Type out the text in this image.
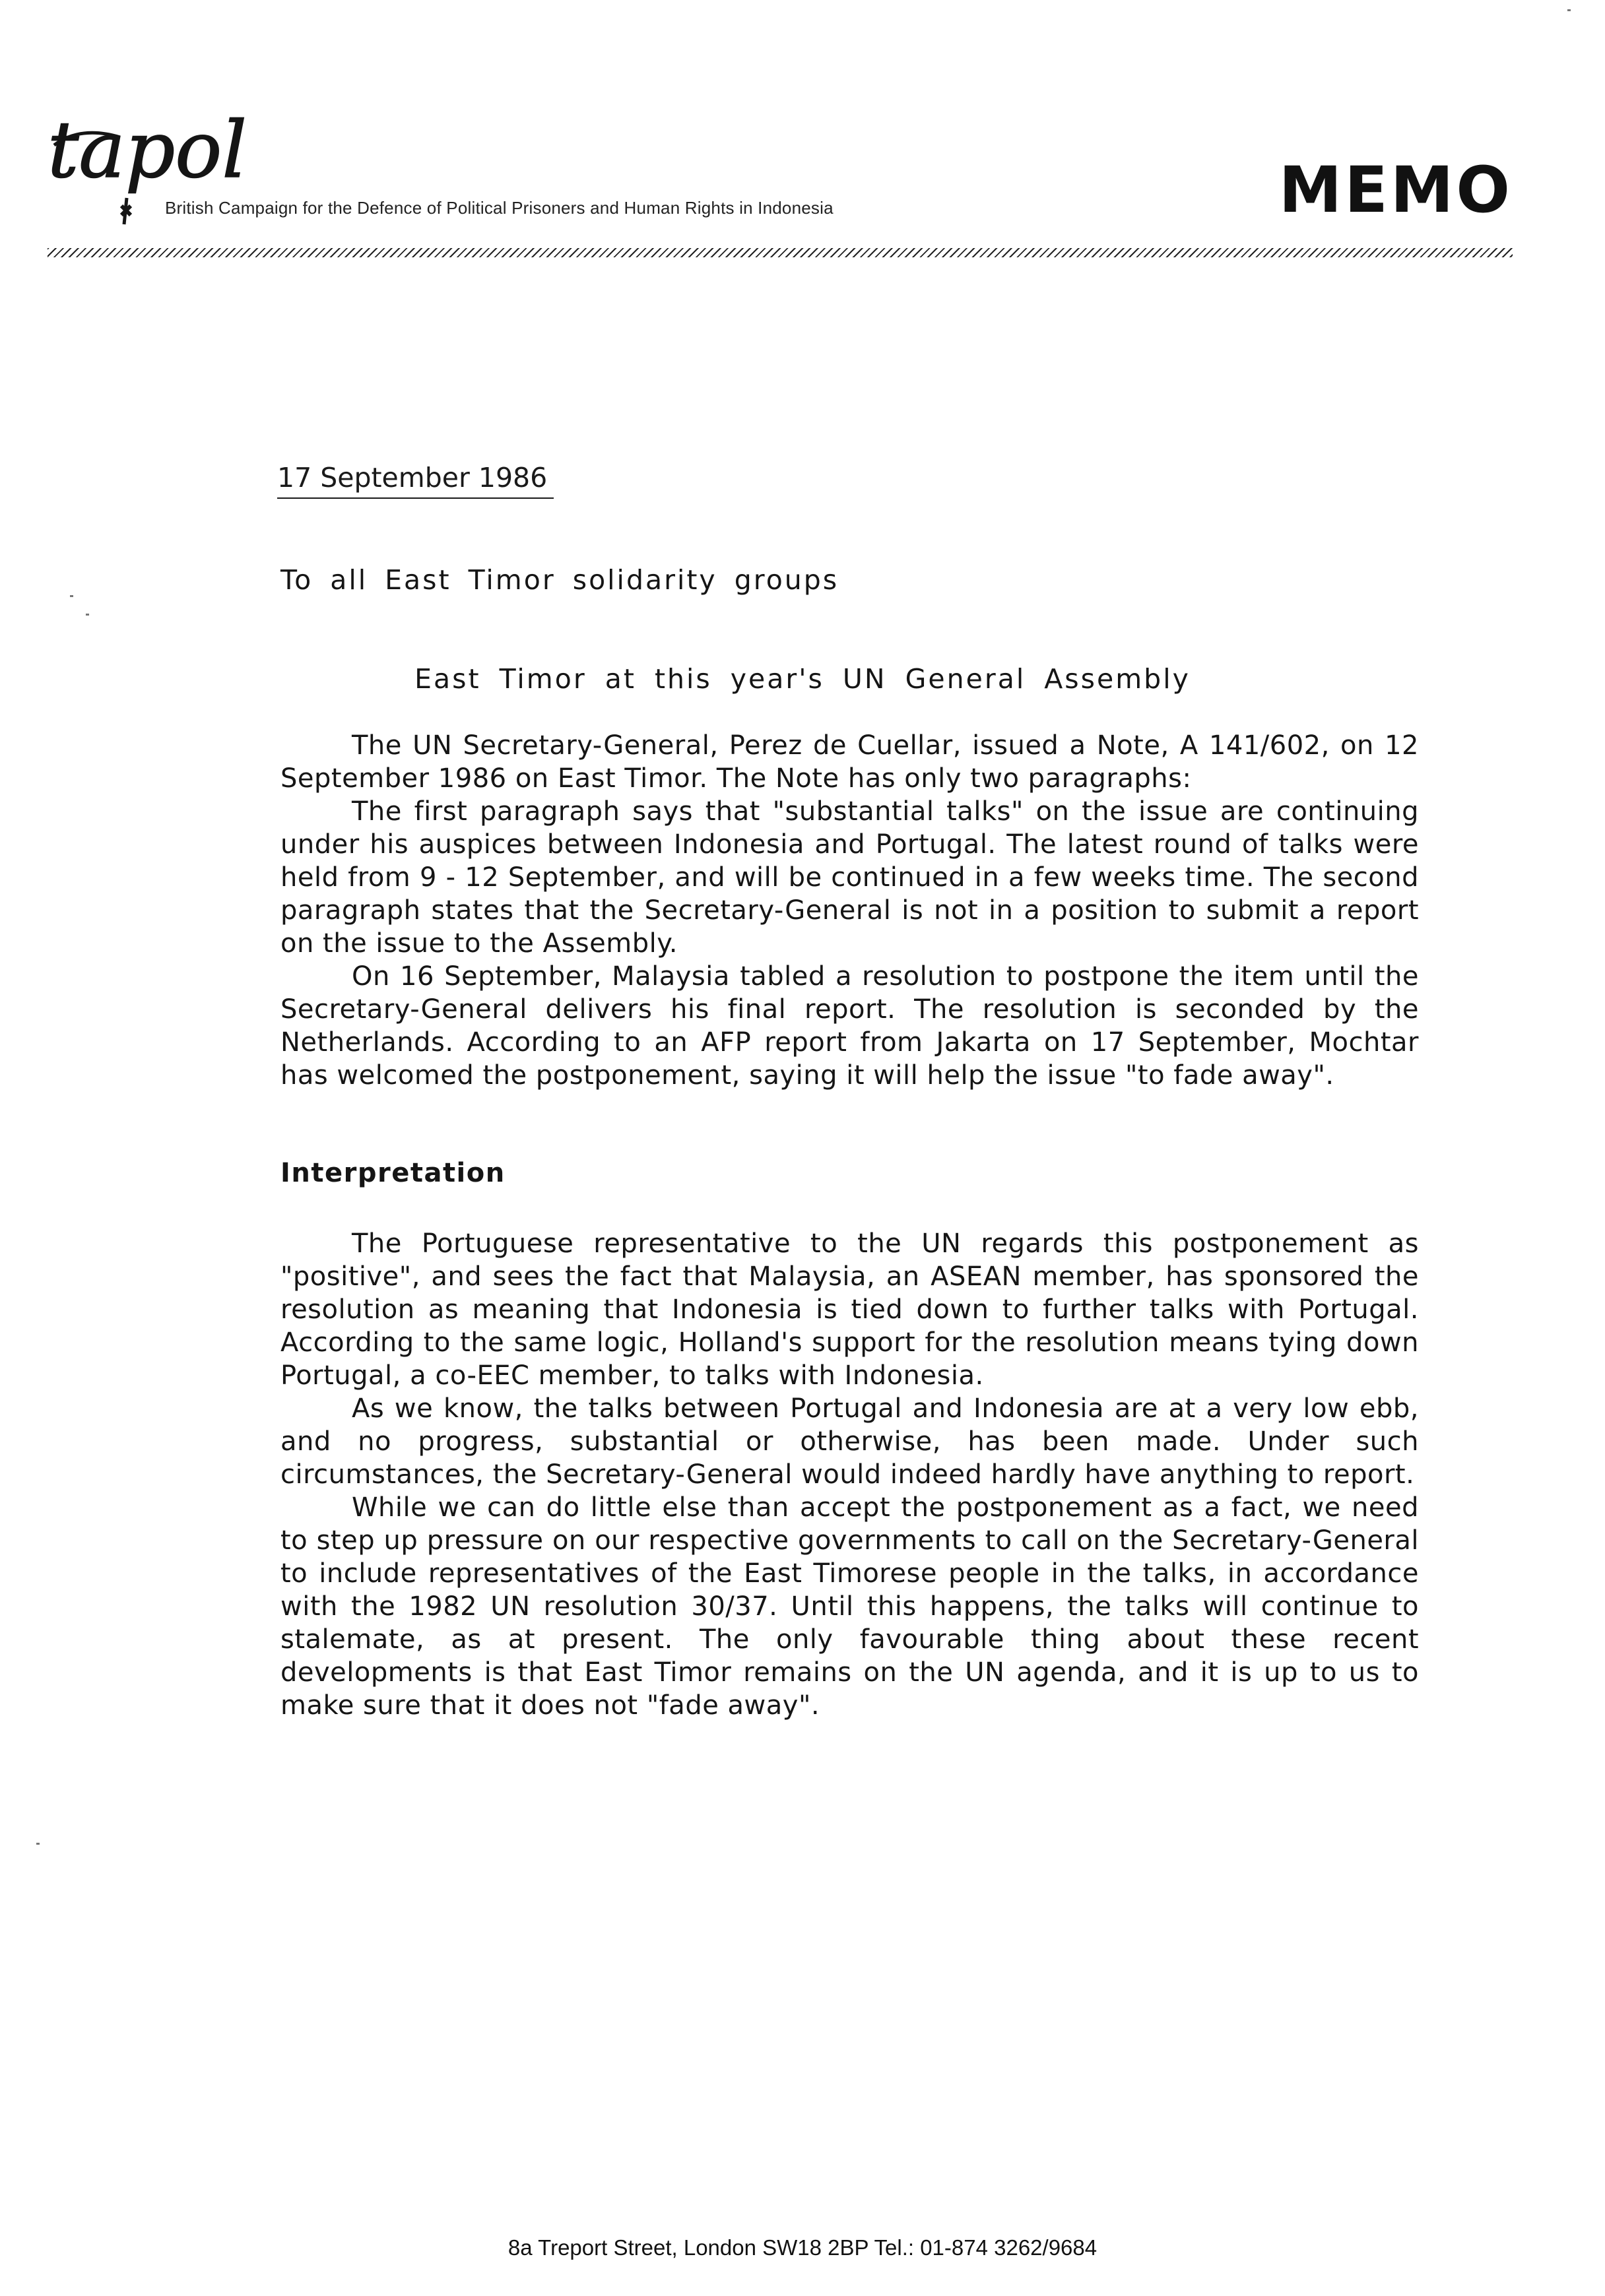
tapol
British Campaign for the Defence of Political Prisoners and Human Rights in Indonesia	MEMO
17 September 1986
To all East Timor solidarity groups
East Timor at this year's UN General Assembly

The UN Secretary-General, Perez de Cuellar, issued a Note, A 141/602, on 12 September 1986 on East Timor. The Note has only two paragraphs:

The first paragraph says that "substantial talks" on the issue are continuing under his auspices between Indonesia and Portugal. The latest round of talks were held from 9 - 12 September, and will be continued in a few weeks time. The second paragraph states that the Secretary-General is not in a position to submit a report on the issue to the Assembly.

On 16 September, Malaysia tabled a resolution to postpone the item until the Secretary-General delivers his final report. The resolution is seconded by the Netherlands. According to an AFP report from Jakarta on 17 September, Mochtar has welcomed the postponement, saying it will help the issue "to fade away".

Interpretation

The Portuguese representative to the UN regards this postponement as "positive", and sees the fact that Malaysia, an ASEAN member, has sponsored the resolution as meaning that Indonesia is tied down to further talks with Portugal. According to the same logic, Holland's support for the resolution means tying down Portugal, a co-EEC member, to talks with Indonesia.

As we know, the talks between Portugal and Indonesia are at a very low ebb, and no progress, substantial or otherwise, has been made. Under such circumstances, the Secretary-General would indeed hardly have anything to report.

While we can do little else than accept the postponement as a fact, we need to step up pressure on our respective governments to call on the Secretary-General to include representatives of the East Timorese people in the talks, in accordance with the 1982 UN resolution 30/37. Until this happens, the talks will continue to stalemate, as at present. The only favourable thing about these recent developments is that East Timor remains on the UN agenda, and it is up to us to make sure that it does not "fade away".

8a Treport Street, London SW18 2BP Tel.: 01-874 3262/9684
